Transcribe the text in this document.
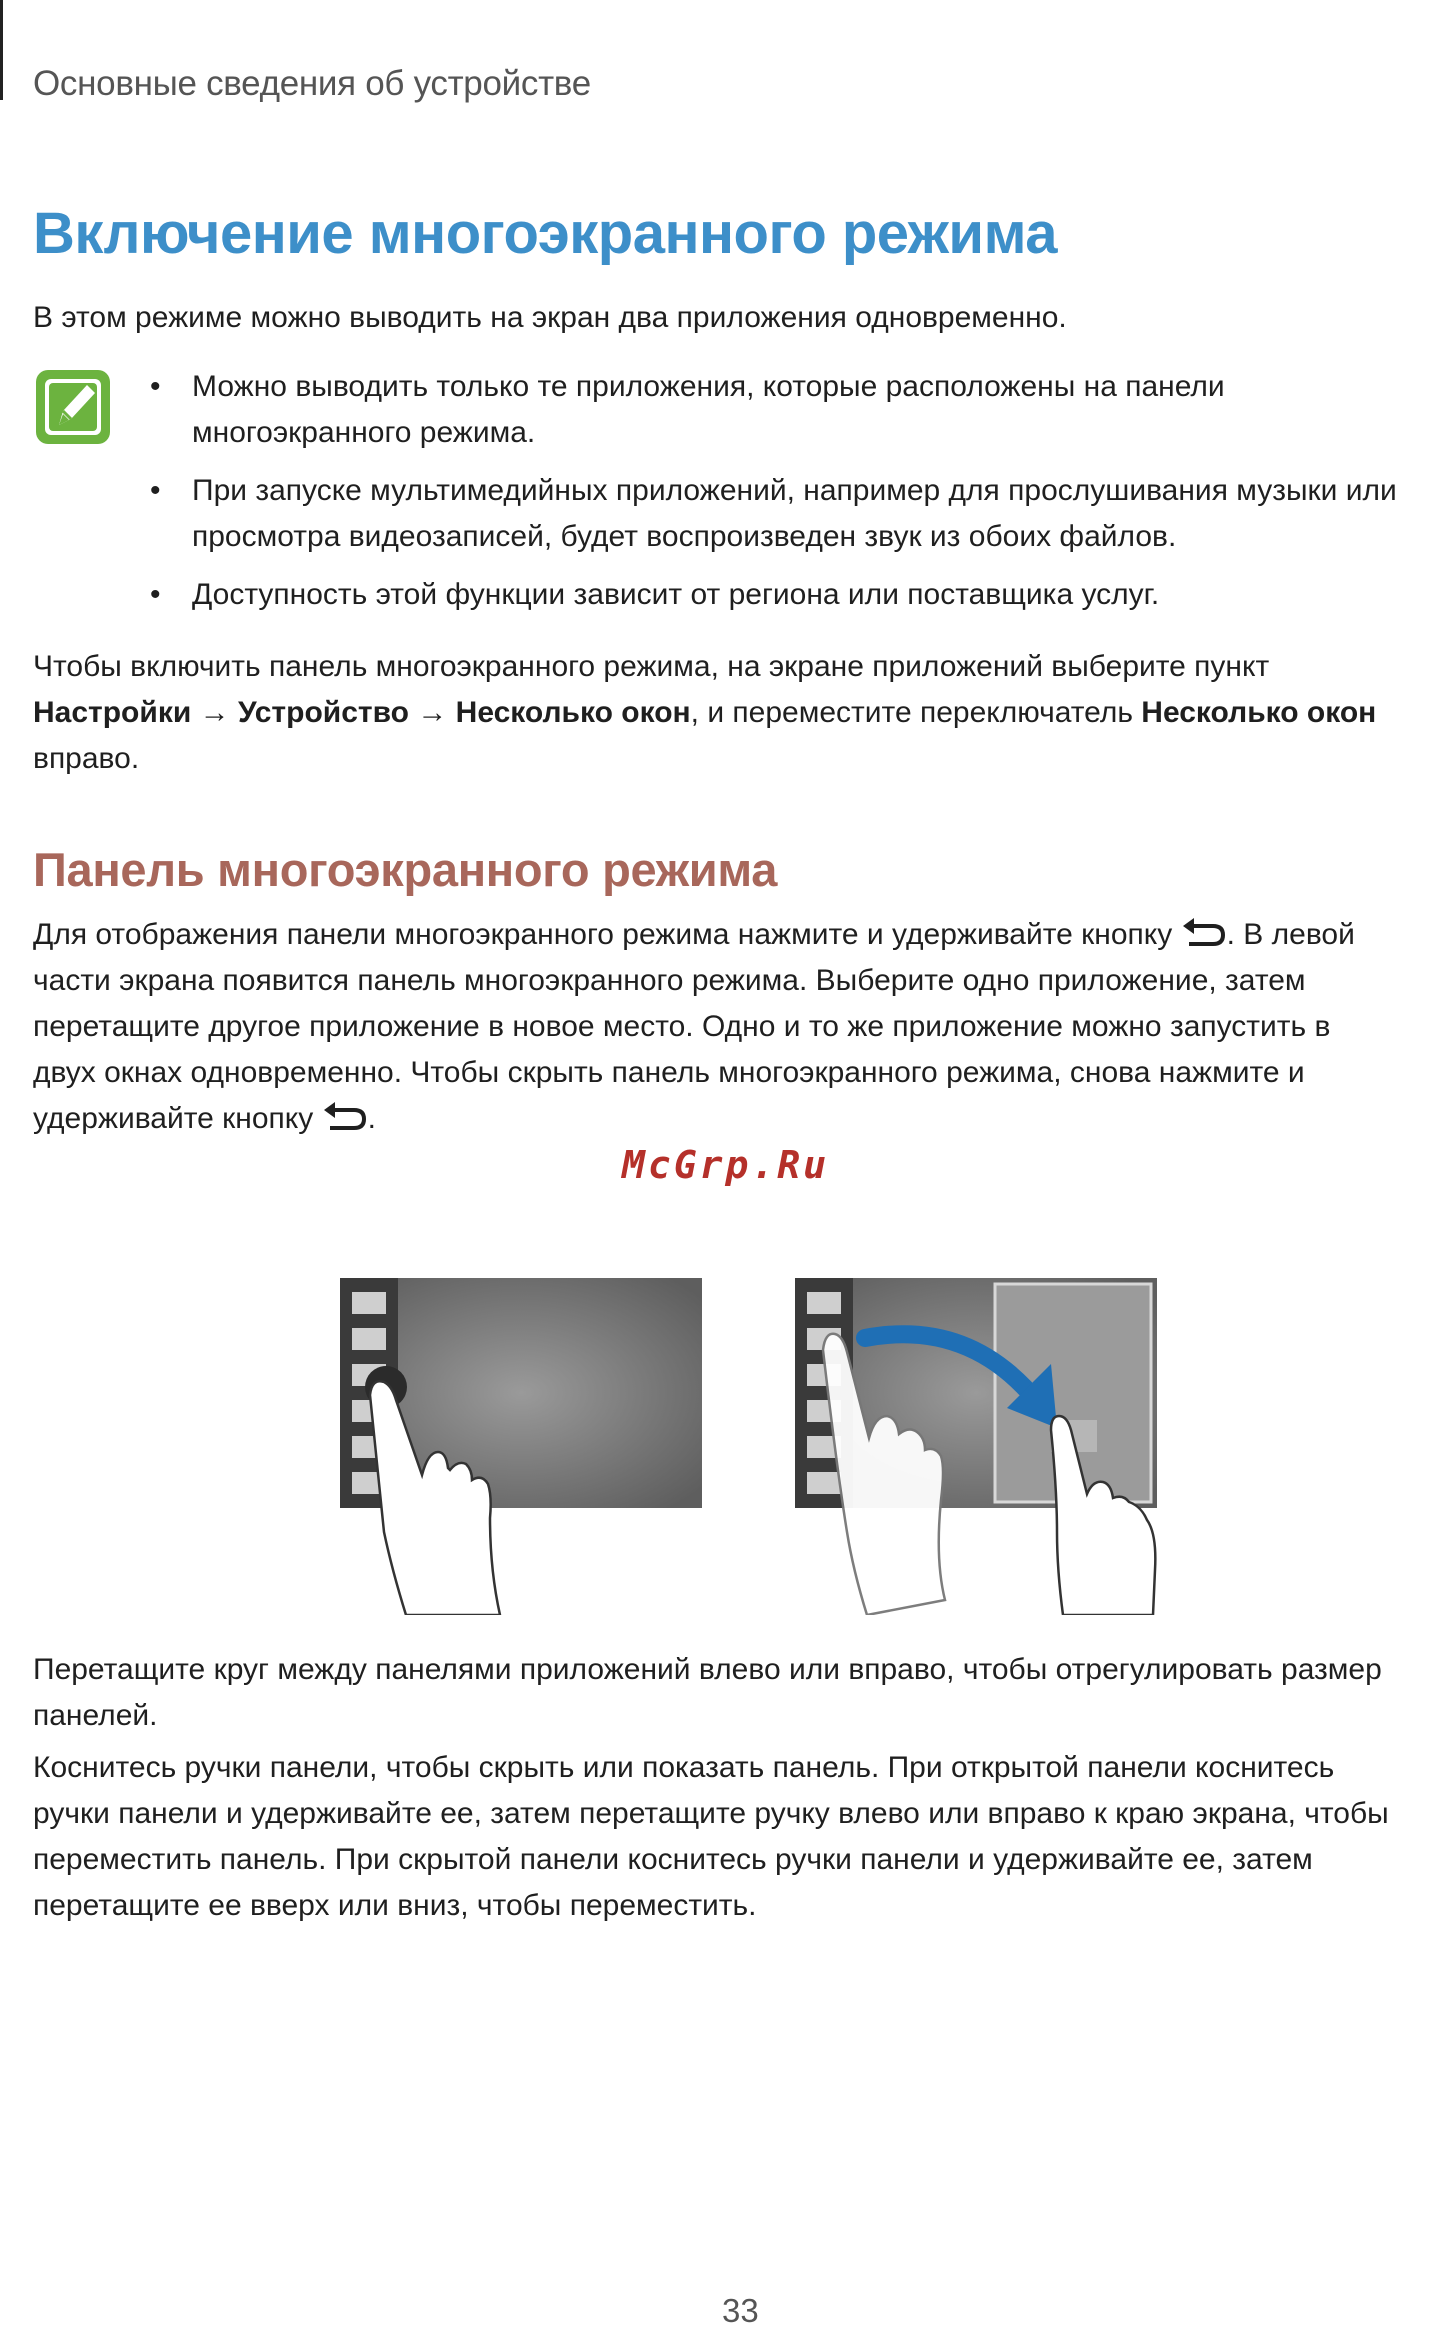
Основные сведения об устройстве
Включение многоэкранного режима
В этом режиме можно выводить на экран два приложения одновременно.
• Можно выводить только те приложения, которые расположены на панели
многоэкранного режима.
• При запуске мультимедийных приложений, например для прослушивания музыки или
просмотра видеозаписей, будет воспроизведен звук из обоих файлов.
• Доступность этой функции зависит от региона или поставщика услуг.
Чтобы включить панель многоэкранного режима, на экране приложений выберите пункт
Настройки → Устройство → Несколько окон, и переместите переключатель Несколько окон
вправо.
Панель многоэкранного режима
Для отображения панели многоэкранного режима нажмите и удерживайте кнопку . В левой
части экрана появится панель многоэкранного режима. Выберите одно приложение, затем
перетащите другое приложение в новое место. Одно и то же приложение можно запустить в
двух окнах одновременно. Чтобы скрыть панель многоэкранного режима, снова нажмите и
удерживайте кнопку .
McGrp.Ru
Перетащите круг между панелями приложений влево или вправо, чтобы отрегулировать размер
панелей.
Коснитесь ручки панели, чтобы скрыть или показать панель. При открытой панели коснитесь
ручки панели и удерживайте ее, затем перетащите ручку влево или вправо к краю экрана, чтобы
переместить панель. При скрытой панели коснитесь ручки панели и удерживайте ее, затем
перетащите ее вверх или вниз, чтобы переместить.
33
